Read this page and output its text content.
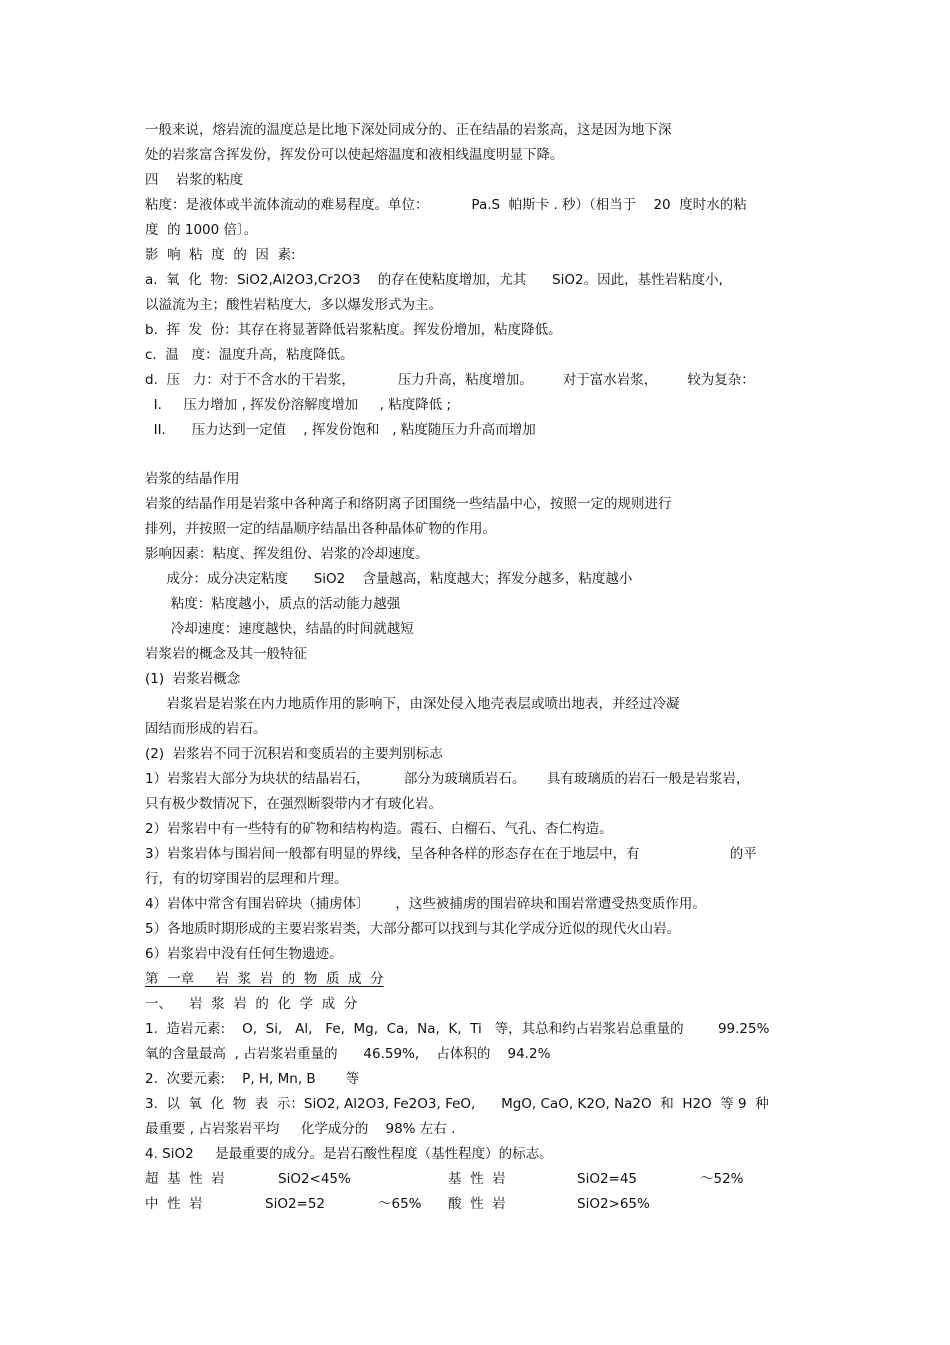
一般来说，熔岩流的温度总是比地下深处同成分的、正在结晶的岩浆高，这是因为地下深
处的岩浆富含挥发份，挥发份可以使起熔温度和液相线温度明显下降。
四    岩浆的粘度
粘度：是液体或半流体流动的难易程度。单位：          Pa.S  帕斯卡 . 秒）（相当于    20  度时水的粘
度  的 1000 倍〕。
影  响  粘  度  的  因  素:
a.  氧  化  物:  SiO2,Al2O3,Cr2O3    的存在使粘度增加，尤其      SiO2。因此，基性岩粘度小,
以溢流为主；酸性岩粘度大，多以爆发形式为主。
b.  挥  发  份：其存在将显著降低岩浆粘度。挥发份增加，粘度降低。
c.  温   度：温度升高，粘度降低。
d.  压   力：对于不含水的干岩浆，          压力升高，粘度增加。       对于富水岩浆，       较为复杂：
I.     压力增加 , 挥发份溶解度增加     , 粘度降低 ;
II.      压力达到一定值    , 挥发份饱和   , 粘度随压力升高而增加
岩浆的结晶作用
岩浆的结晶作用是岩浆中各种离子和络阴离子团围绕一些结晶中心，按照一定的规则进行
排列，并按照一定的结晶顺序结晶出各种晶体矿物的作用。
影响因素：粘度、挥发组份、岩浆的冷却速度。
成分：成分决定粘度      SiO2    含量越高，粘度越大；挥发分越多，粘度越小
粘度：粘度越小，质点的活动能力越强
冷却速度：速度越快，结晶的时间就越短
岩浆岩的概念及其一般特征
(1)  岩浆岩概念
岩浆岩是岩浆在内力地质作用的影响下，由深处侵入地壳表层或喷出地表，并经过冷凝
固结而形成的岩石。
(2)  岩浆岩不同于沉积岩和变质岩的主要判别标志
1）岩浆岩大部分为块状的结晶岩石，        部分为玻璃质岩石。     具有玻璃质的岩石一般是岩浆岩，
只有极少数情况下，在强烈断裂带内才有玻化岩。
2）岩浆岩中有一些特有的矿物和结构构造。霞石、白榴石、气孔、杏仁构造。
3）岩浆岩体与围岩间一般都有明显的界线，呈各种各样的形态存在在于地层中，有                     的平
行，有的切穿围岩的层理和片理。
4）岩体中常含有围岩碎块（捕虏体〕      ，这些被捕虏的围岩碎块和围岩常遭受热变质作用。
5）各地质时期形成的主要岩浆岩类，大部分都可以找到与其化学成分近似的现代火山岩。
6）岩浆岩中没有任何生物遗迹。
第  一章     岩  浆  岩  的  物  质  成  分
一、    岩  浆  岩  的  化  学  成  分
1.  造岩元素:    O,  Si,   Al,   Fe,  Mg,  Ca,  Na,  K,  Ti   等，其总和约占岩浆岩总重量的        99.25%
氧的含量最高  , 占岩浆岩重量的      46.59%,    占体积的    94.2%
2.  次要元素:    P, H, Mn, B       等
3.  以  氧  化  物  表  示：SiO2, Al2O3, Fe2O3, FeO,      MgO, CaO, K2O, Na2O  和  H2O  等 9  种
最重要 , 占岩浆岩平均     化学成分的    98% 左右 .
4. SiO2     是最重要的成分。是岩石酸性程度（基性程度）的标志。
超  基  性  岩	SiO2<45%	基  性  岩	SiO2=45	～52%
中  性  岩	SiO2=52	～65% 酸  性  岩	SiO2>65%
